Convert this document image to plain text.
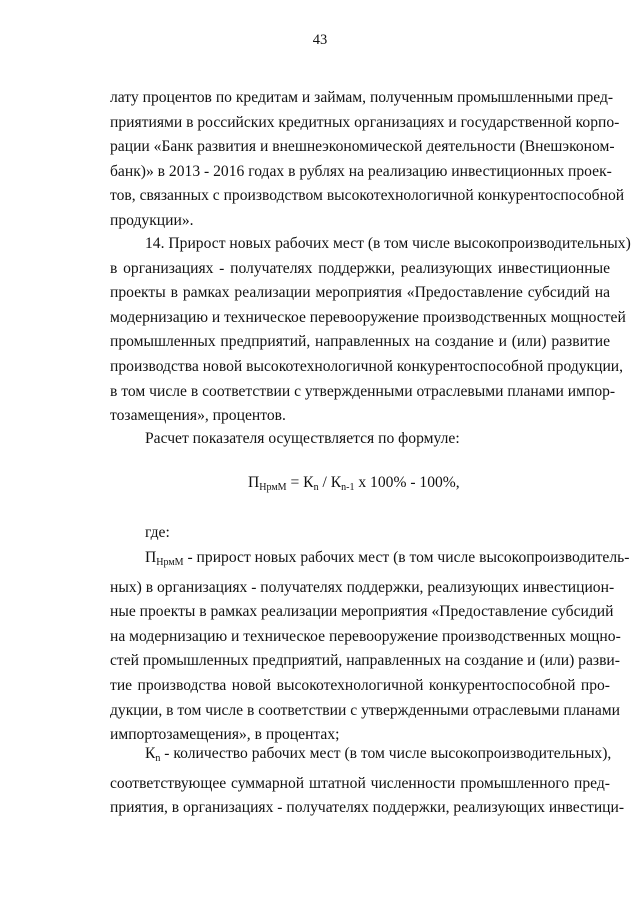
43
лату процентов по кредитам и займам, полученным промышленными пред-
приятиями в российских кредитных организациях и государственной корпо-
рации «Банк развития и внешнеэкономической деятельности (Внешэконом-
банк)» в 2013 - 2016 годах в рублях на реализацию инвестиционных проек-
тов, связанных с производством высокотехнологичной конкурентоспособной
продукции».
14. Прирост новых рабочих мест (в том числе высокопроизводительных)
в организациях - получателях поддержки, реализующих инвестиционные
проекты в рамках реализации мероприятия «Предоставление субсидий на
модернизацию и техническое перевооружение производственных мощностей
промышленных предприятий, направленных на создание и (или) развитие
производства новой высокотехнологичной конкурентоспособной продукции,
в том числе в соответствии с утвержденными отраслевыми планами импор-
тозамещения», процентов.
Расчет показателя осуществляется по формуле:
$П_{НрмМ} = К_n / К_{n-1}$ х 100% - 100%,
где:
$П_{НрмМ}$ - прирост новых рабочих мест (в том числе высокопроизводитель-
ных) в организациях - получателях поддержки, реализующих инвестицион-
ные проекты в рамках реализации мероприятия «Предоставление субсидий
на модернизацию и техническое перевооружение производственных мощно-
стей промышленных предприятий, направленных на создание и (или) разви-
тие производства новой высокотехнологичной конкурентоспособной про-
дукции, в том числе в соответствии с утвержденными отраслевыми планами
импортозамещения», в процентах;
$К_n$ - количество рабочих мест (в том числе высокопроизводительных),
соответствующее суммарной штатной численности промышленного пред-
приятия, в организациях - получателях поддержки, реализующих инвестици-
